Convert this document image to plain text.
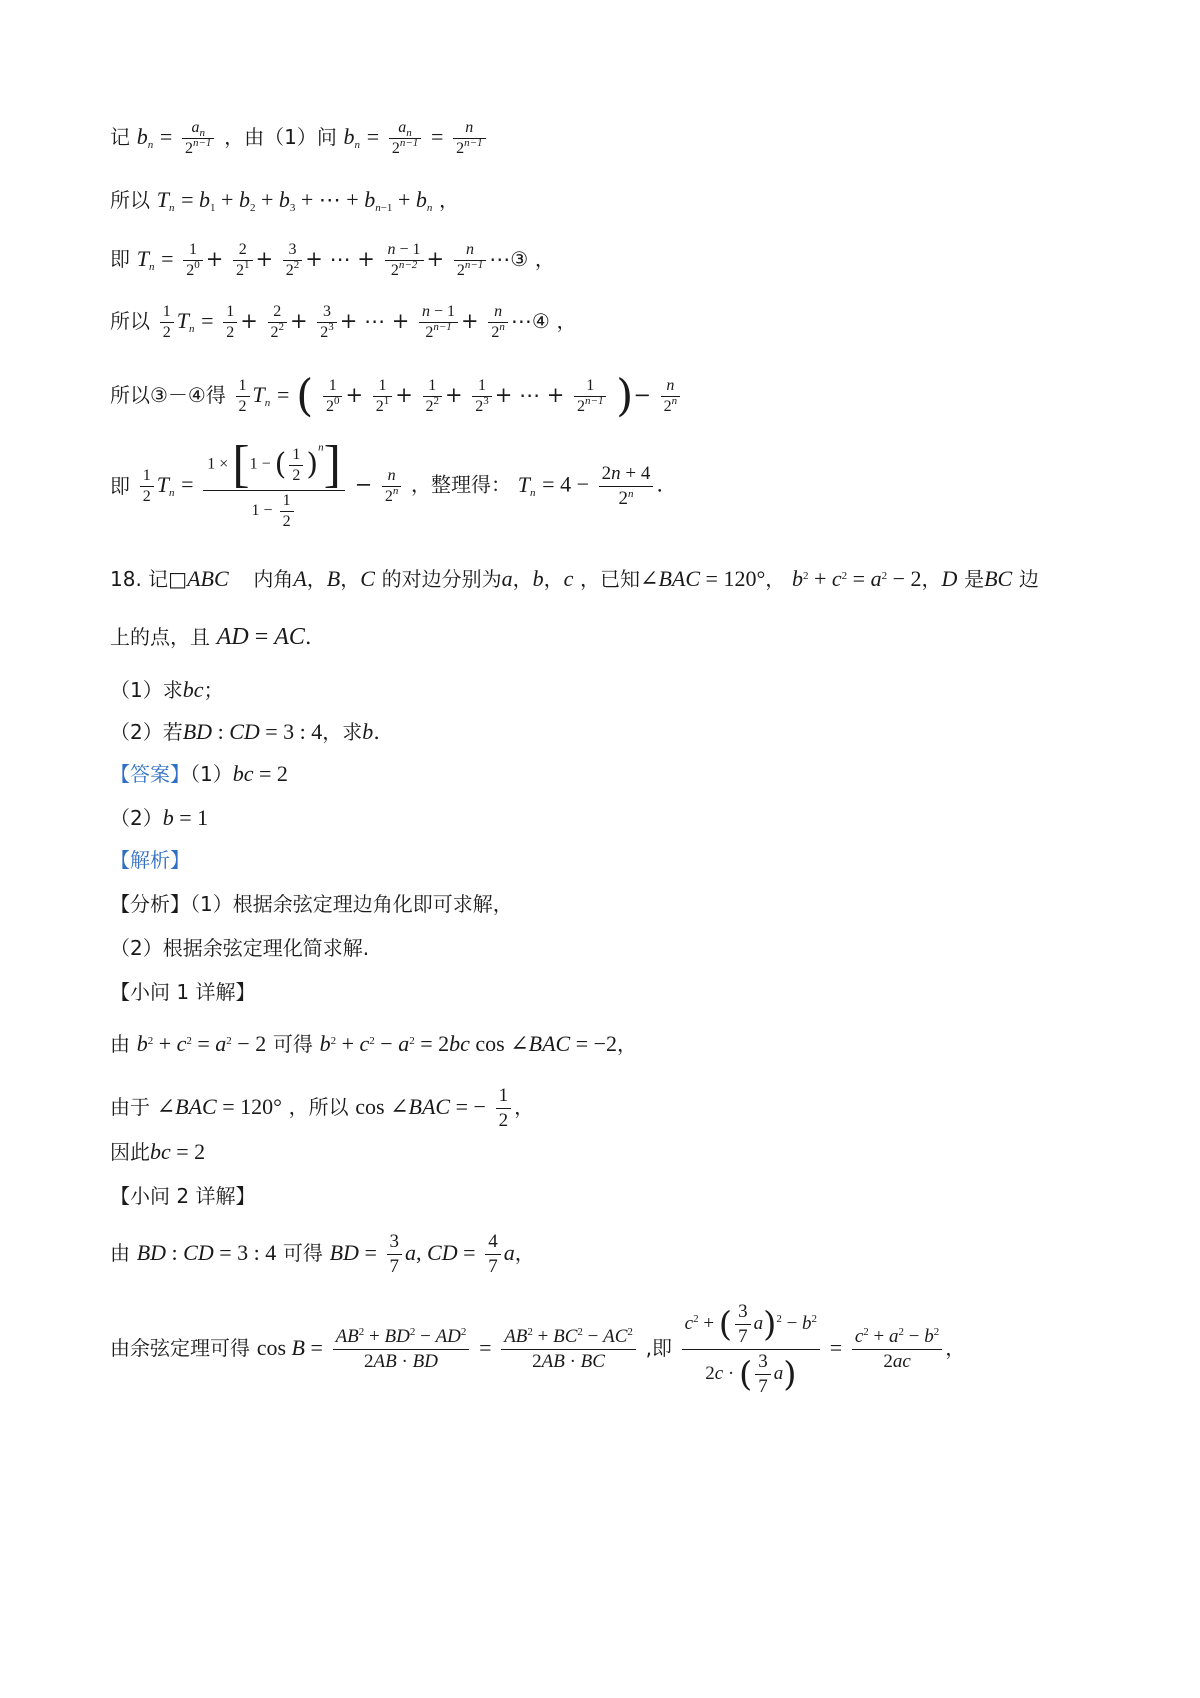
记 $b_n = \frac{a_n}{2^{n-1}}$ ，由（1）问 $b_n = \frac{a_n}{2^{n-1}} = \frac{n}{2^{n-1}}$
所以 $T_n = b_1 + b_2 + b_3$ + ⋯ + $b_{n-1} + b_n$ ，
即 $T_n = \frac{1}{2^0} + \frac{2}{2^1} + \frac{3}{2^2}$ + ⋯ + $\frac{n - 1}{2^{n-2}} + \frac{n}{2^{n-1}}$ ⋯③ ，
所以 $\frac{1}{2} T_n = \frac{1}{2} + \frac{2}{2^2} + \frac{3}{2^3}$ + ⋯ + $\frac{n - 1}{2^{n-1}} + \frac{n}{2^n}$ ⋯④ ，
所以③－④得 $\frac{1}{2} T_n$ = ( $\frac{1}{2^0} + \frac{1}{2^1} + \frac{1}{2^2} + \frac{1}{2^3}$ + ⋯ + $\frac{1}{2^{n-1}}$ )− $\frac{n}{2^n}$
即 $\frac{1}{2} T_n = \frac{1 \times [1 - ( \frac{1}{2} )^n]}{1 - \frac{1}{2}} - \frac{n}{2^n}$ ，整理得： $T_n = 4 - \frac{2n + 4}{2^n}$ .
18. 记□ABC 内角A，B，C 的对边分别为a，b，c ，已知∠BAC = 120°， $b^2 + c^2 = a^2 - 2$，D 是BC 边
上的点，且 AD = AC.
（1）求bc；
（2）若BD : CD = 3 : 4，求b.
【答案】（1）bc = 2
（2）b = 1
【解析】
【分析】（1）根据余弦定理边角化即可求解，
（2）根据余弦定理化简求解.
【小问 1 详解】
由 $b^2 + c^2 = a^2 - 2$ 可得 $b^2 + c^2 - a^2 = 2bc$ cos ∠BAC = −2，
由于 ∠BAC = 120° ，所以 cos ∠BAC = − $\frac{1}{2}$ ，
因此bc = 2
【小问 2 详解】
由 BD : CD = 3 : 4 可得 BD = $\frac{3}{7} a$, CD = $\frac{4}{7}$ a，
由余弦定理可得 $\cos B = \frac{AB^2 + BD^2 - AD^2}{2AB \cdot BD} = \frac{AB^2 + BC^2 - AC^2}{2AB \cdot BC}$ ,即 $\frac{c^2 + ( \frac{3}{7} a)^2 - b^2}{2c \cdot ( \frac{3}{7} a)} = \frac{c^2 + a^2 - b^2}{2ac}$ ，
